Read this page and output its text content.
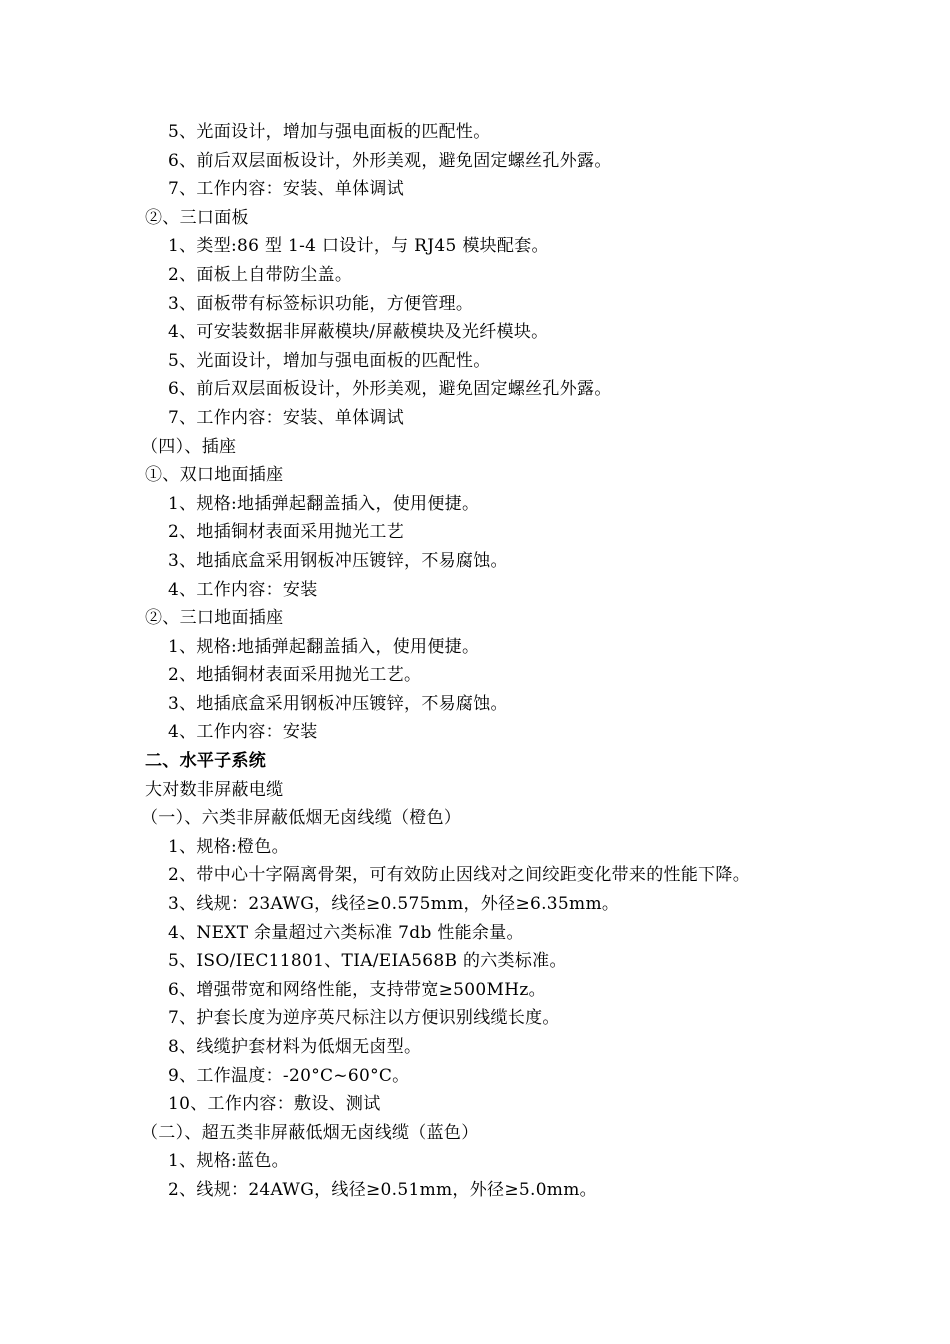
5、光面设计，增加与强电面板的匹配性。
6、前后双层面板设计，外形美观，避免固定螺丝孔外露。
7、工作内容：安装、单体调试
②、三口面板
1、类型:86 型 1-4 口设计，与 RJ45 模块配套。
2、面板上自带防尘盖。
3、面板带有标签标识功能，方便管理。
4、可安装数据非屏蔽模块/屏蔽模块及光纤模块。
5、光面设计，增加与强电面板的匹配性。
6、前后双层面板设计，外形美观，避免固定螺丝孔外露。
7、工作内容：安装、单体调试
（四）、插座
①、双口地面插座
1、规格:地插弹起翻盖插入，使用便捷。
2、地插铜材表面采用抛光工艺
3、地插底盒采用钢板冲压镀锌，不易腐蚀。
4、工作内容：安装
②、三口地面插座
1、规格:地插弹起翻盖插入，使用便捷。
2、地插铜材表面采用抛光工艺。
3、地插底盒采用钢板冲压镀锌，不易腐蚀。
4、工作内容：安装
二、水平子系统
大对数非屏蔽电缆
（一）、六类非屏蔽低烟无卤线缆（橙色）
1、规格:橙色。
2、带中心十字隔离骨架，可有效防止因线对之间绞距变化带来的性能下降。
3、线规：23AWG，线径≥0.575mm，外径≥6.35mm。
4、NEXT 余量超过六类标准 7db 性能余量。
5、ISO/IEC11801、TIA/EIA568B 的六类标准。
6、增强带宽和网络性能，支持带宽≥500MHz。
7、护套长度为逆序英尺标注以方便识别线缆长度。
8、线缆护套材料为低烟无卤型。
9、工作温度：-20°C~60°C。
10、工作内容：敷设、测试
（二）、超五类非屏蔽低烟无卤线缆（蓝色）
1、规格:蓝色。
2、线规：24AWG，线径≥0.51mm，外径≥5.0mm。
